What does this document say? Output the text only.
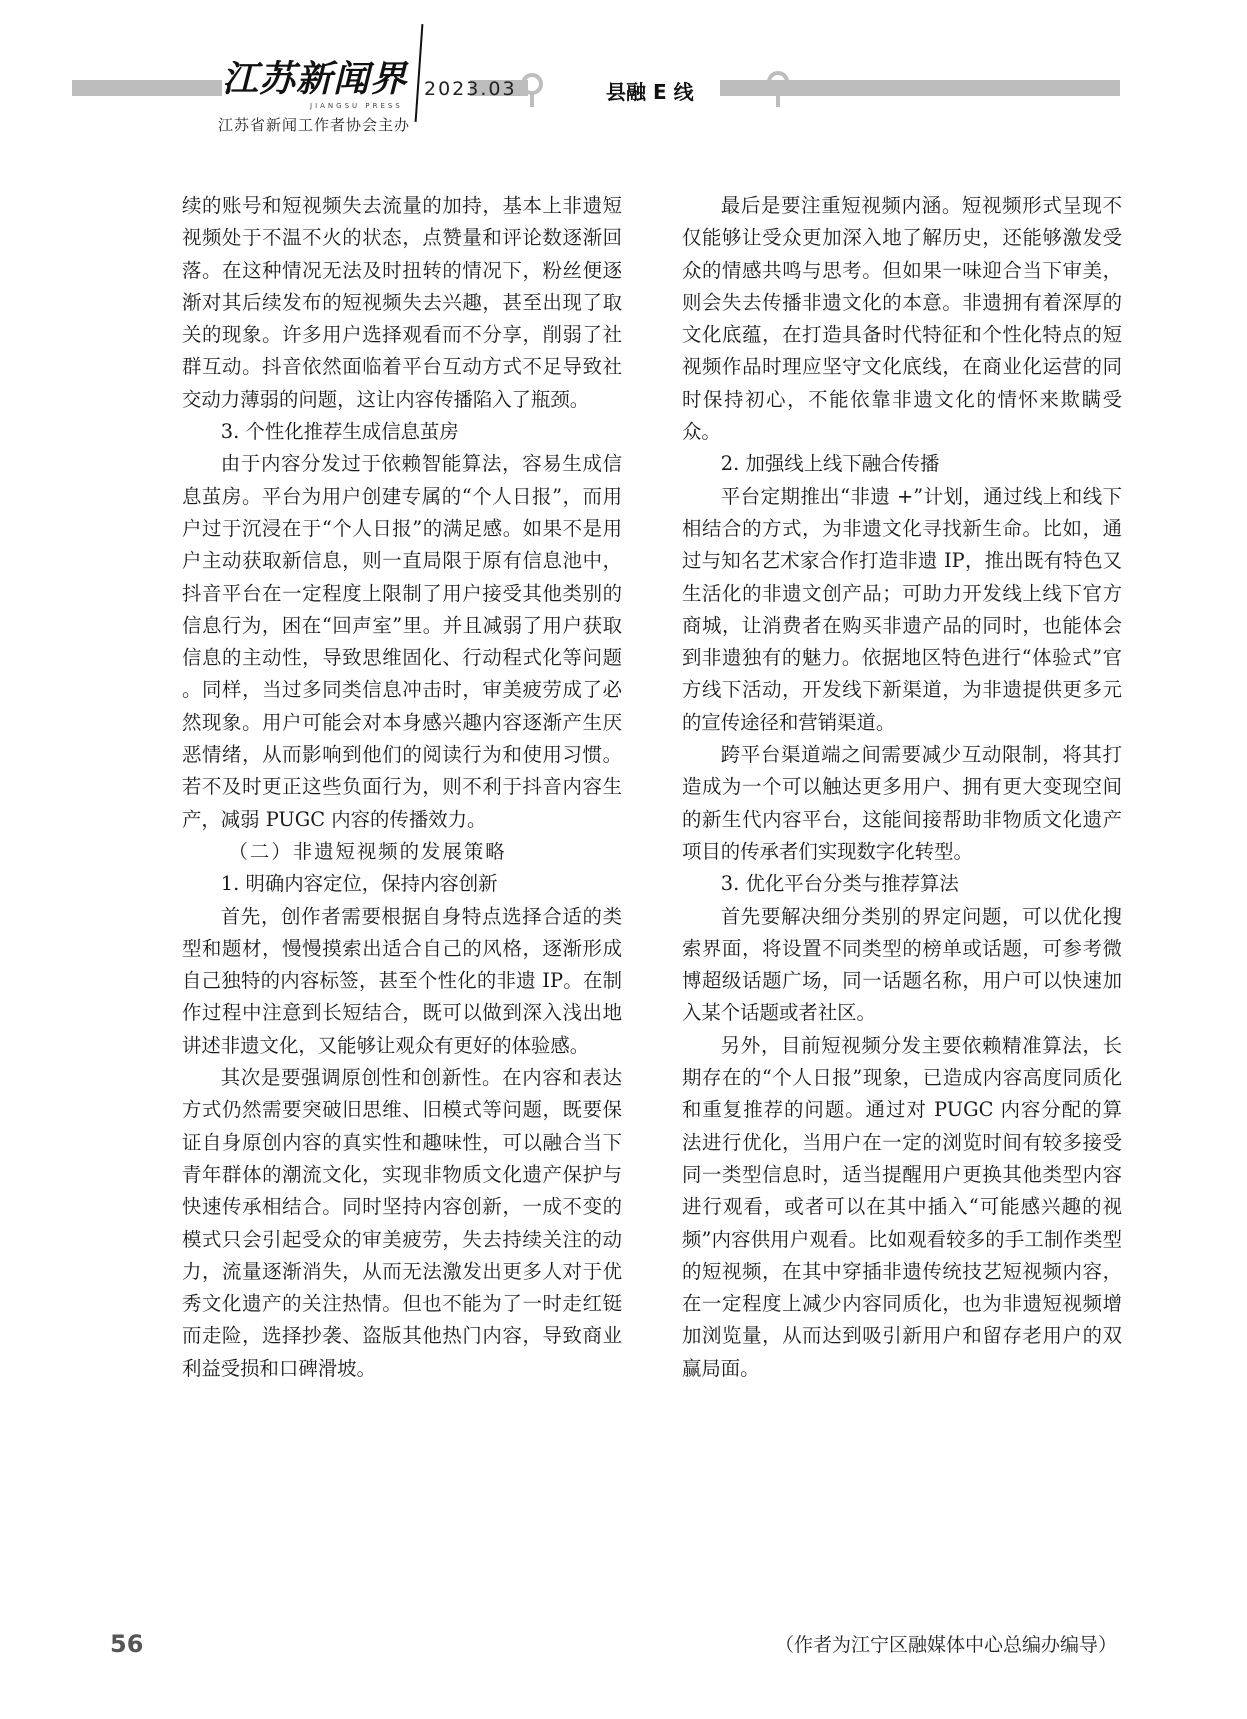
江苏新闻界
JIANGSU PRESS
2023.03
江苏省新闻工作者协会主办
县融 E 线

续的账号和短视频失去流量的加持，基本上非遗短视频处于不温不火的状态，点赞量和评论数逐渐回落。在这种情况无法及时扭转的情况下，粉丝便逐渐对其后续发布的短视频失去兴趣，甚至出现了取关的现象。许多用户选择观看而不分享，削弱了社群互动。抖音依然面临着平台互动方式不足导致社交动力薄弱的问题，这让内容传播陷入了瓶颈。

3. 个性化推荐生成信息茧房

由于内容分发过于依赖智能算法，容易生成信息茧房。平台为用户创建专属的“个人日报”，而用户过于沉浸在于“个人日报”的满足感。如果不是用户主动获取新信息，则一直局限于原有信息池中，抖音平台在一定程度上限制了用户接受其他类别的信息行为，困在“回声室”里。并且减弱了用户获取信息的主动性，导致思维固化、行动程式化等问题 。同样，当过多同类信息冲击时，审美疲劳成了必然现象。用户可能会对本身感兴趣内容逐渐产生厌恶情绪，从而影响到他们的阅读行为和使用习惯。若不及时更正这些负面行为，则不利于抖音内容生产，减弱 PUGC 内容的传播效力。

（二）非遗短视频的发展策略

1. 明确内容定位，保持内容创新

首先，创作者需要根据自身特点选择合适的类型和题材，慢慢摸索出适合自己的风格，逐渐形成自己独特的内容标签，甚至个性化的非遗 IP。在制作过程中注意到长短结合，既可以做到深入浅出地讲述非遗文化，又能够让观众有更好的体验感。

其次是要强调原创性和创新性。在内容和表达方式仍然需要突破旧思维、旧模式等问题，既要保证自身原创内容的真实性和趣味性，可以融合当下青年群体的潮流文化，实现非物质文化遗产保护与快速传承相结合。同时坚持内容创新，一成不变的模式只会引起受众的审美疲劳，失去持续关注的动力，流量逐渐消失，从而无法激发出更多人对于优秀文化遗产的关注热情。但也不能为了一时走红铤而走险，选择抄袭、盗版其他热门内容，导致商业利益受损和口碑滑坡。

最后是要注重短视频内涵。短视频形式呈现不仅能够让受众更加深入地了解历史，还能够激发受众的情感共鸣与思考。但如果一味迎合当下审美，则会失去传播非遗文化的本意。非遗拥有着深厚的文化底蕴，在打造具备时代特征和个性化特点的短视频作品时理应坚守文化底线，在商业化运营的同时保持初心，不能依靠非遗文化的情怀来欺瞒受众。

2. 加强线上线下融合传播

平台定期推出“非遗 +”计划，通过线上和线下相结合的方式，为非遗文化寻找新生命。比如，通过与知名艺术家合作打造非遗 IP，推出既有特色又生活化的非遗文创产品；可助力开发线上线下官方商城，让消费者在购买非遗产品的同时，也能体会到非遗独有的魅力。依据地区特色进行“体验式”官方线下活动，开发线下新渠道，为非遗提供更多元的宣传途径和营销渠道。

跨平台渠道端之间需要减少互动限制，将其打造成为一个可以触达更多用户、拥有更大变现空间的新生代内容平台，这能间接帮助非物质文化遗产项目的传承者们实现数字化转型。

3. 优化平台分类与推荐算法

首先要解决细分类别的界定问题，可以优化搜索界面，将设置不同类型的榜单或话题，可参考微博超级话题广场，同一话题名称，用户可以快速加入某个话题或者社区。

另外，目前短视频分发主要依赖精准算法，长期存在的“个人日报”现象，已造成内容高度同质化和重复推荐的问题。通过对 PUGC 内容分配的算法进行优化，当用户在一定的浏览时间有较多接受同一类型信息时，适当提醒用户更换其他类型内容进行观看，或者可以在其中插入“可能感兴趣的视频”内容供用户观看。比如观看较多的手工制作类型的短视频，在其中穿插非遗传统技艺短视频内容，在一定程度上减少内容同质化，也为非遗短视频增加浏览量，从而达到吸引新用户和留存老用户的双赢局面。

56	（作者为江宁区融媒体中心总编办编导）
